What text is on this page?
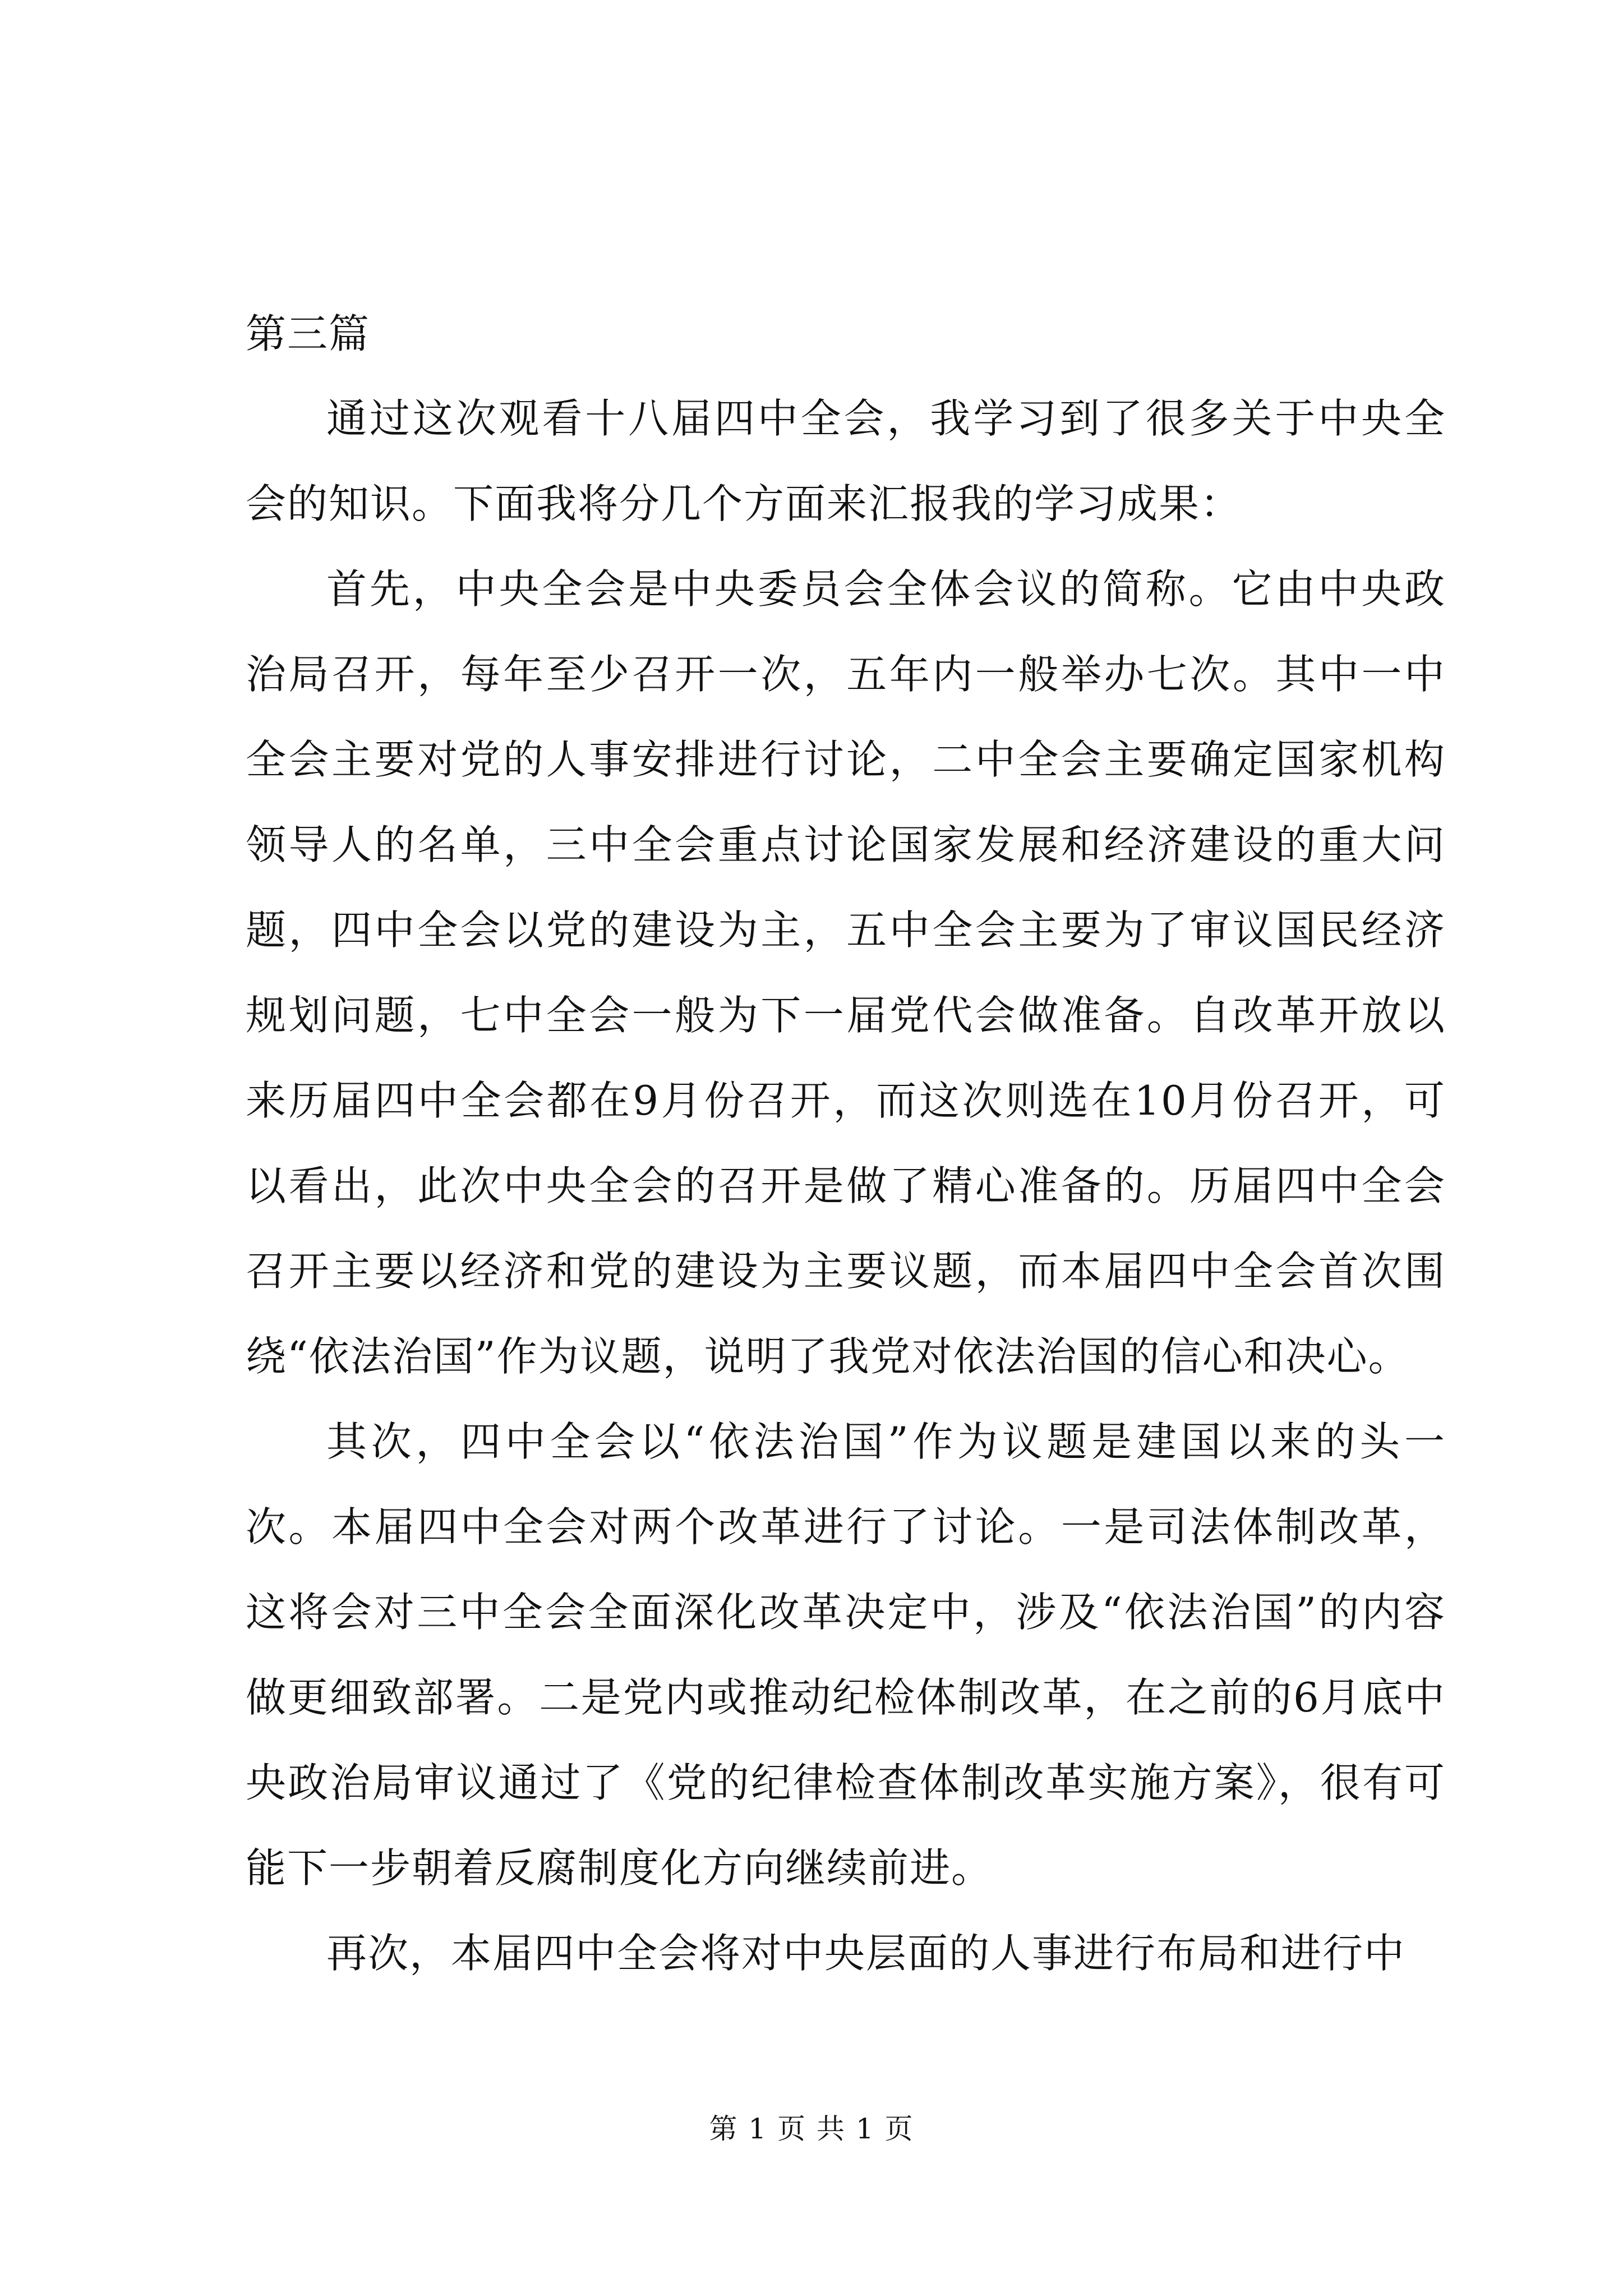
第三篇

通过这次观看十八届四中全会，我学习到了很多关于中央全会的知识。下面我将分几个方面来汇报我的学习成果：

首先，中央全会是中央委员会全体会议的简称。它由中央政治局召开，每年至少召开一次，五年内一般举办七次。其中一中全会主要对党的人事安排进行讨论，二中全会主要确定国家机构领导人的名单，三中全会重点讨论国家发展和经济建设的重大问题，四中全会以党的建设为主，五中全会主要为了审议国民经济规划问题，七中全会一般为下一届党代会做准备。自改革开放以来历届四中全会都在9月份召开，而这次则选在10月份召开，可以看出，此次中央全会的召开是做了精心准备的。历届四中全会召开主要以经济和党的建设为主要议题，而本届四中全会首次围绕“依法治国”作为议题，说明了我党对依法治国的信心和决心。

其次，四中全会以“依法治国”作为议题是建国以来的头一次。本届四中全会对两个改革进行了讨论。一是司法体制改革，这将会对三中全会全面深化改革决定中，涉及“依法治国”的内容做更细致部署。二是党内或推动纪检体制改革，在之前的6月底中央政治局审议通过了《党的纪律检查体制改革实施方案》，很有可能下一步朝着反腐制度化方向继续前进。

再次，本届四中全会将对中央层面的人事进行布局和进行中

第 1 页 共 1 页
